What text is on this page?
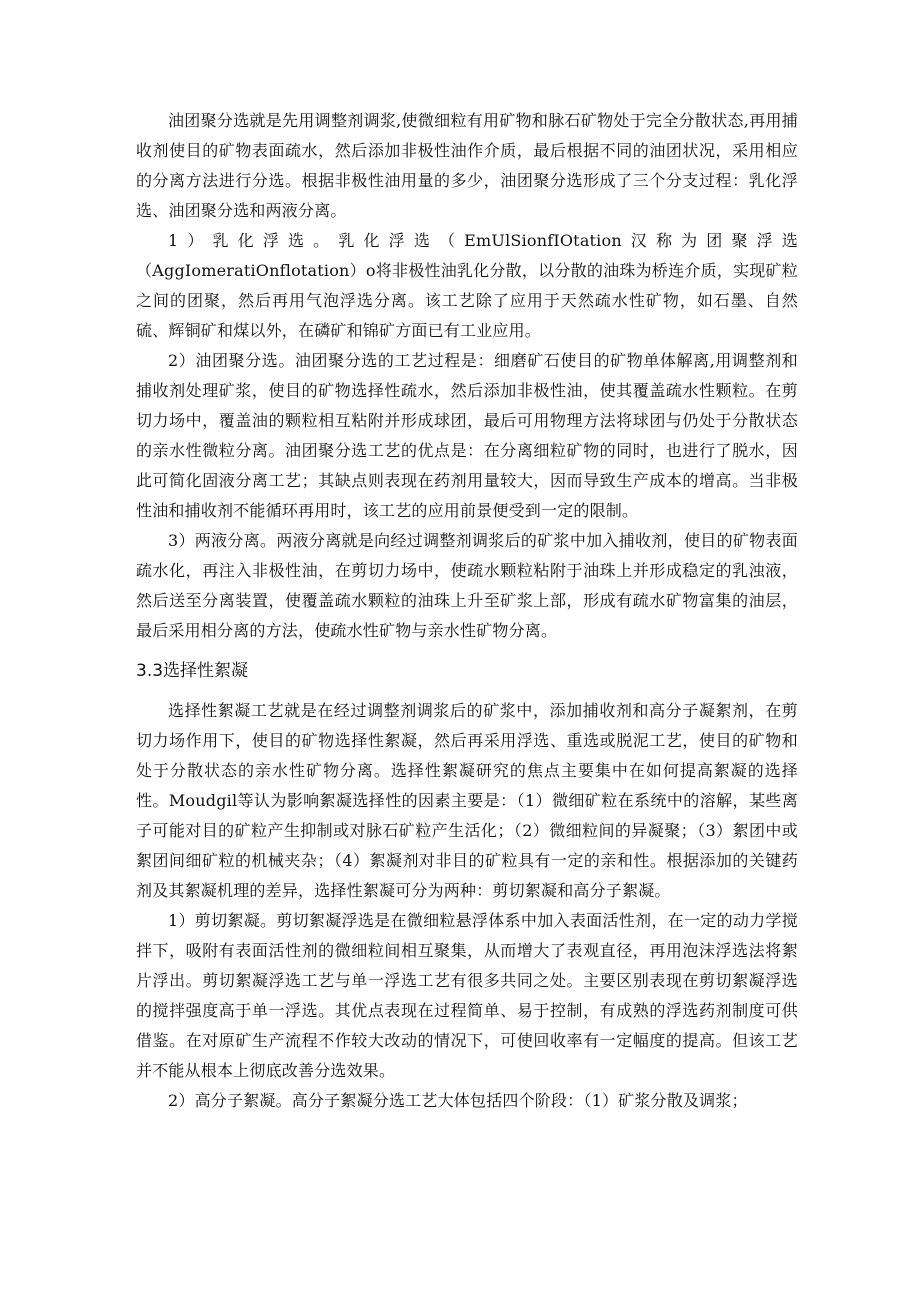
油团聚分选就是先用调整剂调浆,使微细粒有用矿物和脉石矿物处于完全分散状态,再用捕收剂使目的矿物表面疏水，然后添加非极性油作介质，最后根据不同的油团状况，采用相应的分离方法进行分选。根据非极性油用量的多少，油团聚分选形成了三个分支过程：乳化浮选、油团聚分选和两液分离。

1）乳化浮选。乳化浮选（EmUlSionfIOtation汉称为团聚浮选（AggIomeratiOnflotation）o将非极性油乳化分散，以分散的油珠为桥连介质，实现矿粒之间的团聚，然后再用气泡浮选分离。该工艺除了应用于天然疏水性矿物，如石墨、自然硫、辉铜矿和煤以外，在磷矿和锦矿方面已有工业应用。

2）油团聚分选。油团聚分选的工艺过程是：细磨矿石使目的矿物单体解离,用调整剂和捕收剂处理矿浆，使目的矿物选择性疏水，然后添加非极性油，使其覆盖疏水性颗粒。在剪切力场中，覆盖油的颗粒相互粘附并形成球团，最后可用物理方法将球团与仍处于分散状态的亲水性微粒分离。油团聚分选工艺的优点是：在分离细粒矿物的同时，也进行了脱水，因此可简化固液分离工艺；其缺点则表现在药剂用量较大，因而导致生产成本的增高。当非极性油和捕收剂不能循环再用时，该工艺的应用前景便受到一定的限制。

3）两液分离。两液分离就是向经过调整剂调浆后的矿浆中加入捕收剂，使目的矿物表面疏水化，再注入非极性油，在剪切力场中，使疏水颗粒粘附于油珠上并形成稳定的乳浊液，然后送至分离装置，使覆盖疏水颗粒的油珠上升至矿浆上部，形成有疏水矿物富集的油层，最后采用相分离的方法，使疏水性矿物与亲水性矿物分离。

3.3选择性絮凝

选择性絮凝工艺就是在经过调整剂调浆后的矿浆中，添加捕收剂和高分子凝絮剂，在剪切力场作用下，使目的矿物选择性絮凝，然后再采用浮选、重选或脱泥工艺，使目的矿物和处于分散状态的亲水性矿物分离。选择性絮凝研究的焦点主要集中在如何提高絮凝的选择性。Moudgil等认为影响絮凝选择性的因素主要是：（1）微细矿粒在系统中的溶解，某些离子可能对目的矿粒产生抑制或对脉石矿粒产生活化；（2）微细粒间的异凝聚；（3）絮团中或絮团间细矿粒的机械夹杂；（4）絮凝剂对非目的矿粒具有一定的亲和性。根据添加的关键药剂及其絮凝机理的差异，选择性絮凝可分为两种：剪切絮凝和高分子絮凝。

1）剪切絮凝。剪切絮凝浮选是在微细粒悬浮体系中加入表面活性剂，在一定的动力学搅拌下，吸附有表面活性剂的微细粒间相互聚集，从而增大了表观直径，再用泡沫浮选法将絮片浮出。剪切絮凝浮选工艺与单一浮选工艺有很多共同之处。主要区别表现在剪切絮凝浮选的搅拌强度高于单一浮选。其优点表现在过程简单、易于控制，有成熟的浮选药剂制度可供借鉴。在对原矿生产流程不作较大改动的情况下，可使回收率有一定幅度的提高。但该工艺并不能从根本上彻底改善分选效果。

2）高分子絮凝。高分子絮凝分选工艺大体包括四个阶段：（1）矿浆分散及调浆；
